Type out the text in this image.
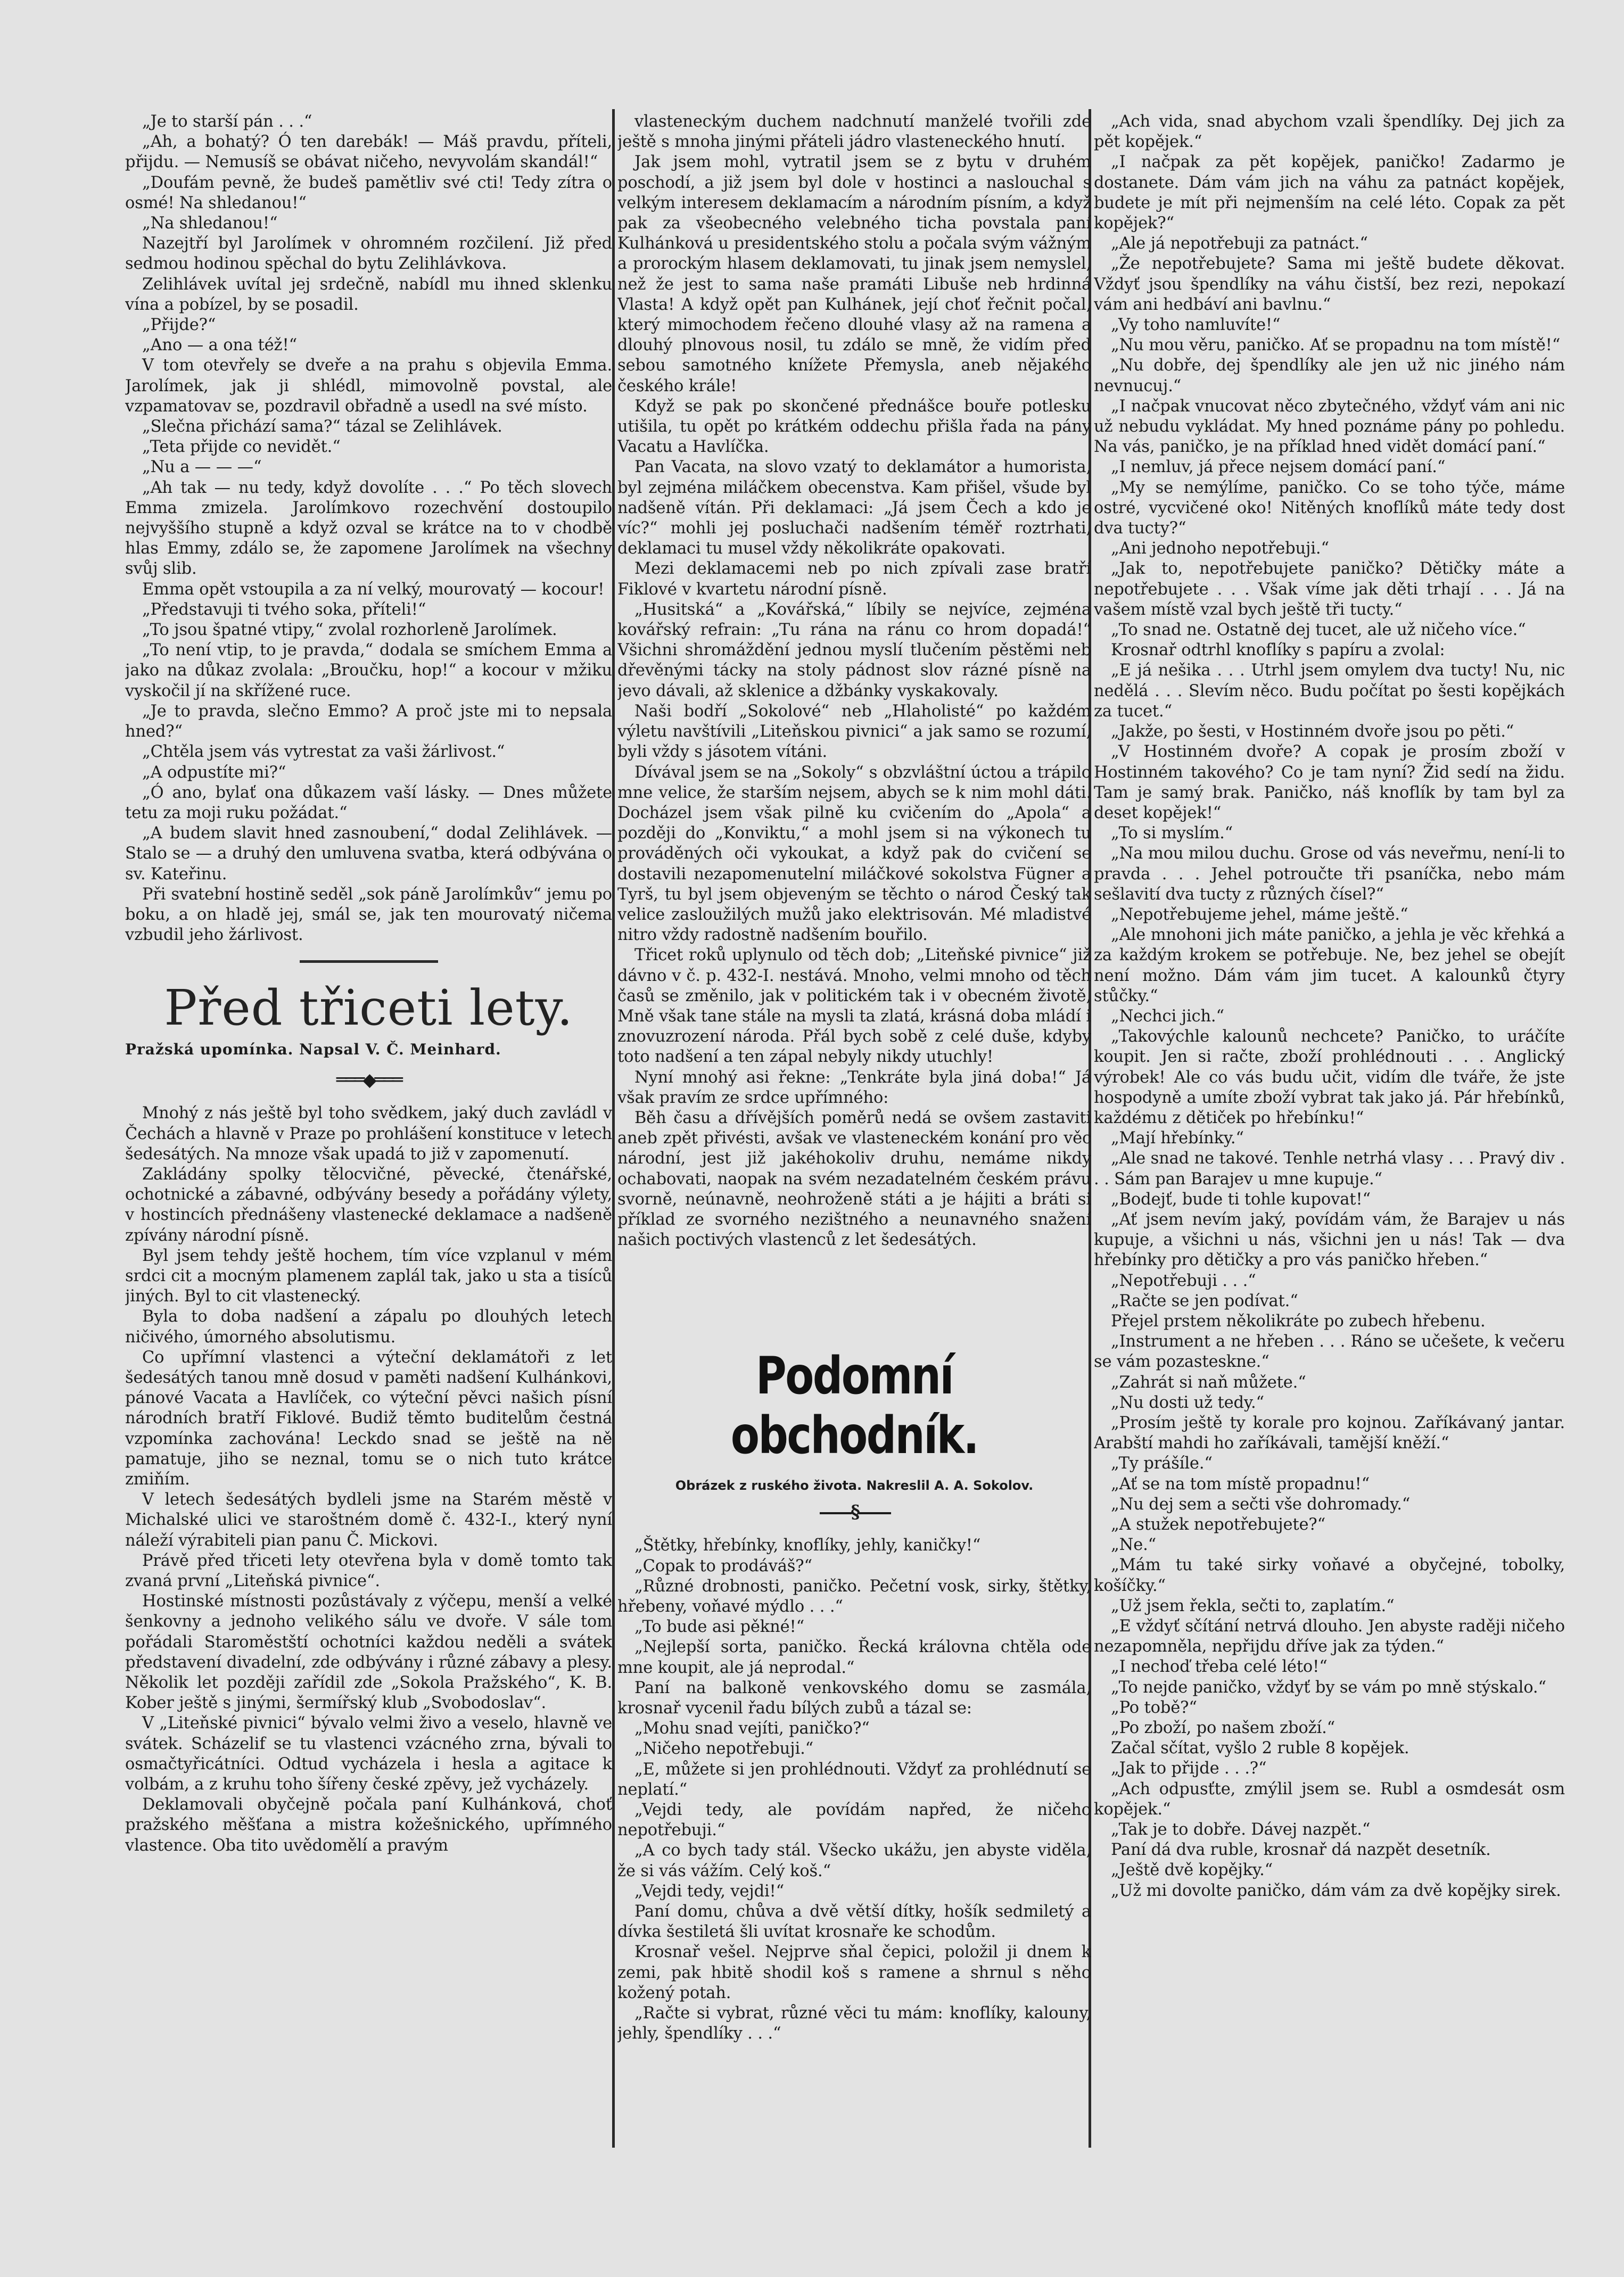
„Je to starší pán . . .“

„Ah, a bohatý? Ó ten darebák! — Máš pravdu, příteli, přijdu. — Nemusíš se obávat ničeho, nevyvolám skandál!“

„Doufám pevně, že budeš pamětliv své cti! Tedy zítra o osmé! Na shledanou!“

„Na shledanou!“

Nazejtří byl Jarolímek v ohromném rozčilení. Již před sedmou hodinou spěchal do bytu Zelihlávkova.

Zelihlávek uvítal jej srdečně, nabídl mu ihned sklenku vína a pobízel, by se posadil.

„Přijde?“

„Ano — a ona též!“

V tom otevřely se dveře a na prahu s objevila Emma. Jarolímek, jak ji shlédl, mimovolně povstal, ale vzpamatovav se, pozdravil obřadně a usedl na své místo.

„Slečna přichází sama?“ tázal se Zelihlávek.

„Teta přijde co nevidět.“

„Nu a — — —“

„Ah tak — nu tedy, když dovolíte . . .“ Po těch slovech Emma zmizela. Jarolímkovo rozechvění dostoupilo nejvyššího stupně a když ozval se krátce na to v chodbě hlas Emmy, zdálo se, že zapomene Jarolímek na všechny svůj slib.

Emma opět vstoupila a za ní velký, mourovatý — kocour!

„Představuji ti tvého soka, příteli!“

„To jsou špatné vtipy,“ zvolal rozhorleně Jarolímek.

„To není vtip, to je pravda,“ dodala se smíchem Emma a jako na důkaz zvolala: „Broučku, hop!“ a kocour v mžiku vyskočil jí na skřížené ruce.

„Je to pravda, slečno Emmo? A proč jste mi to nepsala hned?“

„Chtěla jsem vás vytrestat za vaši žárlivost.“

„A odpustíte mi?“

„Ó ano, bylať ona důkazem vaší lásky. — Dnes můžete tetu za moji ruku požádat.“

„A budem slavit hned zasnoubení,“ dodal Zelihlávek. — Stalo se — a druhý den umluvena svatba, která odbývána o sv. Kateřinu.

Při svatební hostině seděl „sok páně Jarolímkův“ jemu po boku, a on hladě jej, smál se, jak ten mourovatý ničema vzbudil jeho žárlivost.

Před třiceti lety.
Pražská upomínka. Napsal V. Č. Meinhard.
═══◆═══

Mnohý z nás ještě byl toho svědkem, jaký duch zavládl v Čechách a hlavně v Praze po prohlášení konstituce v letech šedesátých. Na mnoze však upadá to již v zapomenutí.

Zakládány spolky tělocvičné, pěvecké, čtenářské, ochotnické a zábavné, odbývány besedy a pořádány výlety, v hostincích přednášeny vlastenecké deklamace a nadšeně zpívány národní písně.

Byl jsem tehdy ještě hochem, tím více vzplanul v mém srdci cit a mocným plamenem zaplál tak, jako u sta a tisíců jiných. Byl to cit vlastenecký.

Byla to doba nadšení a zápalu po dlouhých letech ničivého, úmorného absolutismu.

Co upřímní vlastenci a výteční deklamátoři z let šedesátých tanou mně dosud v paměti nadšení Kulhánkovi, pánové Vacata a Havlíček, co výteční pěvci našich písní národních bratří Fiklové. Budiž těmto buditelům čestná vzpomínka zachována! Leckdo snad se ještě na ně pamatuje, jiho se neznal, tomu se o nich tuto krátce zmiňím.

V letech šedesátých bydleli jsme na Starém městě v Michalské ulici ve staroštném domě č. 432-I., který nyní náleží výrabiteli pian panu Č. Mickovi.

Právě před třiceti lety otevřena byla v domě tomto tak zvaná první „Liteňská pivnice“.

Hostinské místnosti pozůstávaly z výčepu, menší a velké šenkovny a jednoho velikého sálu ve dvoře. V sále tom pořádali Staroměstští ochotníci každou neděli a svátek představení divadelní, zde odbývány i různé zábavy a plesy. Několik let později zařídil zde „Sokola Pražského“, K. B. Kober ještě s jinými, šermířský klub „Svobodoslav“.

V „Liteňské pivnici“ bývalo velmi živo a veselo, hlavně ve svátek. Scházelif se tu vlastenci vzácného zrna, bývali to osmačtyřicátníci. Odtud vycházela i hesla a agitace k volbám, a z kruhu toho šířeny české zpěvy, jež vycházely.

Deklamovali obyčejně počala paní Kulhánková, choť pražského měšťana a mistra kožešnického, upřímného vlastence. Oba tito uvědomělí a pravým

vlasteneckým duchem nadchnutí manželé tvořili zde ještě s mnoha jinými přáteli jádro vlasteneckého hnutí.

Jak jsem mohl, vytratil jsem se z bytu v druhém poschodí, a již jsem byl dole v hostinci a naslouchal s velkým interesem deklamacím a národním písním, a když pak za všeobecného velebného ticha povstala paní Kulhánková u presidentského stolu a počala svým vážným a prorockým hlasem deklamovati, tu jinak jsem nemyslel, než že jest to sama naše pramáti Libuše neb hrdinná Vlasta! A když opět pan Kulhánek, její choť řečnit počal, který mimochodem řečeno dlouhé vlasy až na ramena a dlouhý plnovous nosil, tu zdálo se mně, že vidím před sebou samotného knížete Přemysla, aneb nějakého českého krále!

Když se pak po skončené přednášce bouře potlesku utišila, tu opět po krátkém oddechu přišla řada na pány Vacatu a Havlíčka.

Pan Vacata, na slovo vzatý to deklamátor a humorista, byl zejména miláčkem obecenstva. Kam přišel, všude byl nadšeně vítán. Při deklamaci: „Já jsem Čech a kdo je víc?“ mohli jej posluchači nadšením téměř roztrhati, deklamaci tu musel vždy několikráte opakovati.

Mezi deklamacemi neb po nich zpívali zase bratří Fiklové v kvartetu národní písně.

„Husitská“ a „Kovářská,“ líbily se nejvíce, zejména kovářský refrain: „Tu rána na ránu co hrom dopadá!“ Všichni shromáždění jednou myslí tlučením pěstěmi neb dřevěnými tácky na stoly pádnost slov rázné písně na jevo dávali, až sklenice a džbánky vyskakovaly.

Naši bodří „Sokolové“ neb „Hlaholisté“ po každém výletu navštívili „Liteňskou pivnici“ a jak samo se rozumí, byli vždy s jásotem vítáni.

Dívával jsem se na „Sokoly“ s obzvláštní úctou a trápilo mne velice, že starším nejsem, abych se k nim mohl dáti. Docházel jsem však pilně ku cvičením do „Apola“ a později do „Konviktu,“ a mohl jsem si na výkonech tu prováděných oči vykoukat, a když pak do cvičení se dostavili nezapomenutelní miláčkové sokolstva Fügner a Tyrš, tu byl jsem objeveným se těchto o národ Český tak velice zasloužilých mužů jako elektrisován. Mé mladistvé nitro vždy radostně nadšením bouřilo.

Třicet roků uplynulo od těch dob; „Liteňské pivnice“ již dávno v č. p. 432-I. nestává. Mnoho, velmi mnoho od těch časů se změnilo, jak v politickém tak i v obecném životě, Mně však tane stále na mysli ta zlatá, krásná doba mládí i znovuzrození národa. Přál bych sobě z celé duše, kdyby toto nadšení a ten zápal nebyly nikdy utuchly!

Nyní mnohý asi řekne: „Tenkráte byla jiná doba!“ Já však pravím ze srdce upřímného:

Běh času a dřívějších poměrů nedá se ovšem zastaviti aneb zpět přivésti, avšak ve vlasteneckém konání pro věc národní, jest již jakéhokoliv druhu, nemáme nikdy ochabovati, naopak na svém nezadatelném českém právu svorně, neúnavně, neohroženě státi a je hájiti a bráti si příklad ze svorného nezištného a neunavného snažení našich poctivých vlastenců z let šedesátých.

Podomní obchodník.
Obrázek z ruského života. Nakreslil A. A. Sokolov.
——§——

„Štětky, hřebínky, knoflíky, jehly, kaničky!“

„Copak to prodáváš?“

„Různé drobnosti, paničko. Pečetní vosk, sirky, štětky, hřebeny, voňavé mýdlo . . .“

„To bude asi pěkné!“

„Nejlepší sorta, paničko. Řecká královna chtěla ode mne koupit, ale já neprodal.“

Paní na balkoně venkovského domu se zasmála, krosnař vycenil řadu bílých zubů a tázal se:

„Mohu snad vejíti, paničko?“

„Ničeho nepotřebuji.“

„E, můžete si jen prohlédnouti. Vždyť za prohlédnutí se neplatí.“

„Vejdi tedy, ale povídám napřed, že ničeho nepotřebuji.“

„A co bych tady stál. Všecko ukážu, jen abyste viděla, že si vás vážím. Celý koš.“

„Vejdi tedy, vejdi!“

Paní domu, chůva a dvě větší dítky, hošík sedmiletý a dívka šestiletá šli uvítat krosnaře ke schodům.

Krosnař vešel. Nejprve sňal čepici, položil ji dnem k zemi, pak hbitě shodil koš s ramene a shrnul s něho kožený potah.

„Račte si vybrat, různé věci tu mám: knoflíky, kalouny, jehly, špendlíky . . .“

„Ach vida, snad abychom vzali špendlíky. Dej jich za pět kopějek.“

„I načpak za pět kopějek, paničko! Zadarmo je dostanete. Dám vám jich na váhu za patnáct kopějek, budete je mít při nejmenším na celé léto. Copak za pět kopějek?“

„Ale já nepotřebuji za patnáct.“

„Že nepotřebujete? Sama mi ještě budete děkovat. Vždyť jsou špendlíky na váhu čistší, bez rezi, nepokazí vám ani hedbáví ani bavlnu.“

„Vy toho namluvíte!“

„Nu mou věru, paničko. Ať se propadnu na tom místě!“

„Nu dobře, dej špendlíky ale jen už nic jiného nám nevnucuj.“

„I načpak vnucovat něco zbytečného, vždyť vám ani nic už nebudu vykládat. My hned poznáme pány po pohledu. Na vás, paničko, je na příklad hned vidět domácí paní.“

„I nemluv, já přece nejsem domácí paní.“

„My se nemýlíme, paničko. Co se toho týče, máme ostré, vycvičené oko! Nitěných knoflíků máte tedy dost dva tucty?“

„Ani jednoho nepotřebuji.“

„Jak to, nepotřebujete paničko? Dětičky máte a nepotřebujete . . . Však víme jak děti trhají . . . Já na vašem místě vzal bych ještě tři tucty.“

„To snad ne. Ostatně dej tucet, ale už ničeho více.“

Krosnař odtrhl knoflíky s papíru a zvolal:

„E já nešika . . . Utrhl jsem omylem dva tucty! Nu, nic nedělá . . . Slevím něco. Budu počítat po šesti kopějkách za tucet.“

„Jakže, po šesti, v Hostinném dvoře jsou po pěti.“

„V Hostinném dvoře? A copak je prosím zboží v Hostinném takového? Co je tam nyní? Žid sedí na židu. Tam je samý brak. Paničko, náš knoflík by tam byl za deset kopějek!“

„To si myslím.“

„Na mou milou duchu. Grose od vás neveřmu, není-li to pravda . . . Jehel potroučte tři psaníčka, nebo mám sešlavití dva tucty z různých čísel?“

„Nepotřebujeme jehel, máme ještě.“

„Ale mnohoni jich máte paničko, a jehla je věc křehká a za každým krokem se potřebuje. Ne, bez jehel se obejít není možno. Dám vám jim tucet. A kalounků čtyry stůčky.“

„Nechci jich.“

„Takovýchle kalounů nechcete? Paničko, to uráčíte koupit. Jen si račte, zboží prohlédnouti . . . Anglický výrobek! Ale co vás budu učit, vidím dle tváře, že jste hospodyně a umíte zboží vybrat tak jako já. Pár hřebínků, každému z dětiček po hřebínku!“

„Mají hřebínky.“

„Ale snad ne takové. Tenhle netrhá vlasy . . . Pravý div . . . Sám pan Barajev u mne kupuje.“

„Bodejť, bude ti tohle kupovat!“

„Ať jsem nevím jaký, povídám vám, že Barajev u nás kupuje, a všichni u nás, všichni jen u nás! Tak — dva hřebínky pro dětičky a pro vás paničko hřeben.“

„Nepotřebuji . . .“

„Račte se jen podívat.“

Přejel prstem několikráte po zubech hřebenu.

„Instrument a ne hřeben . . . Ráno se učešete, k večeru se vám pozastesknе.“

„Zahrát si naň můžete.“

„Nu dosti už tedy.“

„Prosím ještě ty korale pro kojnou. Zaříkávaný jantar. Arabští mahdi ho zaříkávali, tamější kněží.“

„Ty prášíle.“

„Ať se na tom místě propadnu!“

„Nu dej sem a sečti vše dohromady.“

„A stužek nepotřebujete?“

„Ne.“

„Mám tu také sirky voňavé a obyčejné, tobolky, košíčky.“

„Už jsem řekla, sečti to, zaplatím.“

„E vždyť sčítání netrvá dlouho. Jen abyste raději ničeho nezapomněla, nepřijdu dříve jak za týden.“

„I nechoď třeba celé léto!“

„To nejde paničko, vždyť by se vám po mně stýskalo.“

„Po tobě?“

„Po zboží, po našem zboží.“

Začal sčítat, vyšlo 2 ruble 8 kopějek.

„Jak to přijde . . .?“

„Ach odpusťte, zmýlil jsem se. Rubl a osmdesát osm kopějek.“

„Tak je to dobře. Dávej nazpět.“

Paní dá dva ruble, krosnař dá nazpět desetník.

„Ještě dvě kopějky.“

„Už mi dovolte paničko, dám vám za dvě kopějky sirek.
